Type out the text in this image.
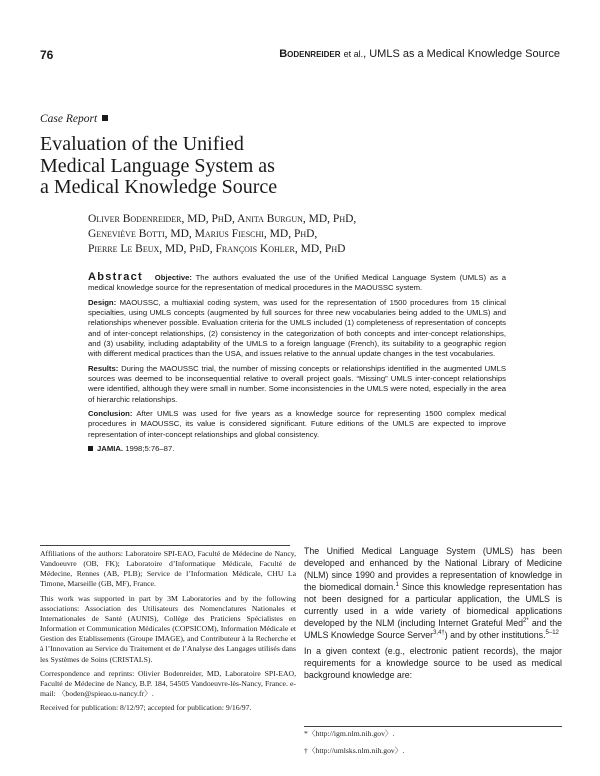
76	Bodenreider et al., UMLS as a Medical Knowledge Source
Case Report
Evaluation of the Unified
Medical Language System as
a Medical Knowledge Source
Oliver Bodenreider, MD, PhD, Anita Burgun, MD, PhD,
Geneviève Botti, MD, Marius Fieschi, MD, PhD,
Pierre Le Beux, MD, PhD, François Kohler, MD, PhD

Abstract Objective: The authors evaluated the use of the Unified Medical Language System (UMLS) as a medical knowledge source for the representation of medical procedures in the MAOUSSC system.

Design: MAOUSSC, a multiaxial coding system, was used for the representation of 1500 procedures from 15 clinical specialties, using UMLS concepts (augmented by full sources for three new vocabularies being added to the UMLS) and relationships whenever possible. Evaluation criteria for the UMLS included (1) completeness of representation of concepts and of inter-concept relationships, (2) consistency in the categorization of both concepts and inter-concept relationships, and (3) usability, including adaptability of the UMLS to a foreign language (French), its suitability to a geographic region with different medical practices than the USA, and issues relative to the annual update changes in the test vocabularies.

Results: During the MAOUSSC trial, the number of missing concepts or relationships identified in the augmented UMLS sources was deemed to be inconsequential relative to overall project goals. “Missing” UMLS inter-concept relationships were identified, although they were small in number. Some inconsistencies in the UMLS were noted, especially in the area of hierarchic relationships.

Conclusion: After UMLS was used for five years as a knowledge source for representing 1500 complex medical procedures in MAOUSSC, its value is considered significant. Future editions of the UMLS are expected to improve representation of inter-concept relationships and global consistency.

JAMIA. 1998;5:76–87.

Affiliations of the authors: Laboratoire SPI-EAO, Faculté de Médecine de Nancy, Vandoeuvre (OB, FK); Laboratoire d’Informatique Médicale, Faculté de Médecine, Rennes (AB, PLB); Service de l’Information Médicale, CHU La Timone, Marseille (GB, MF), France.

This work was supported in part by 3M Laboratories and by the following associations: Association des Utilisateurs des Nomenclatures Nationales et Internationales de Santé (AUNIS), Collège des Praticiens Spécialistes en Information et Communication Médicales (COPSICOM), Information Médicale et Gestion des Etablissements (Groupe IMAGE), and Contributeur à la Recherche et à l’Innovation au Service du Traitement et de l’Analyse des Langages utilisés dans les Systèmes de Soins (CRISTALS).

Correspondence and reprints: Olivier Bodenreider, MD, Laboratoire SPI-EAO, Faculté de Médecine de Nancy, B.P. 184, 54505 Vandoeuvre-lès-Nancy, France. e-mail: 〈boden@spieao.u-nancy.fr〉.

Received for publication: 8/12/97; accepted for publication: 9/16/97.

The Unified Medical Language System (UMLS) has been developed and enhanced by the National Library of Medicine (NLM) since 1990 and provides a representation of knowledge in the biomedical domain.$^1$ Since this knowledge representation has not been designed for a particular application, the UMLS is currently used in a wide variety of biomedical applications developed by the NLM (including Internet Grateful Med$^{2*}$ and the UMLS Knowledge Source Server$^{3,4\dagger}$) and by other institutions.$^{5-12}$

In a given context (e.g., electronic patient records), the major requirements for a knowledge source to be used as medical background knowledge are:

*〈http://igm.nlm.nih.gov〉.

†〈http://umlsks.nlm.nih.gov〉.
